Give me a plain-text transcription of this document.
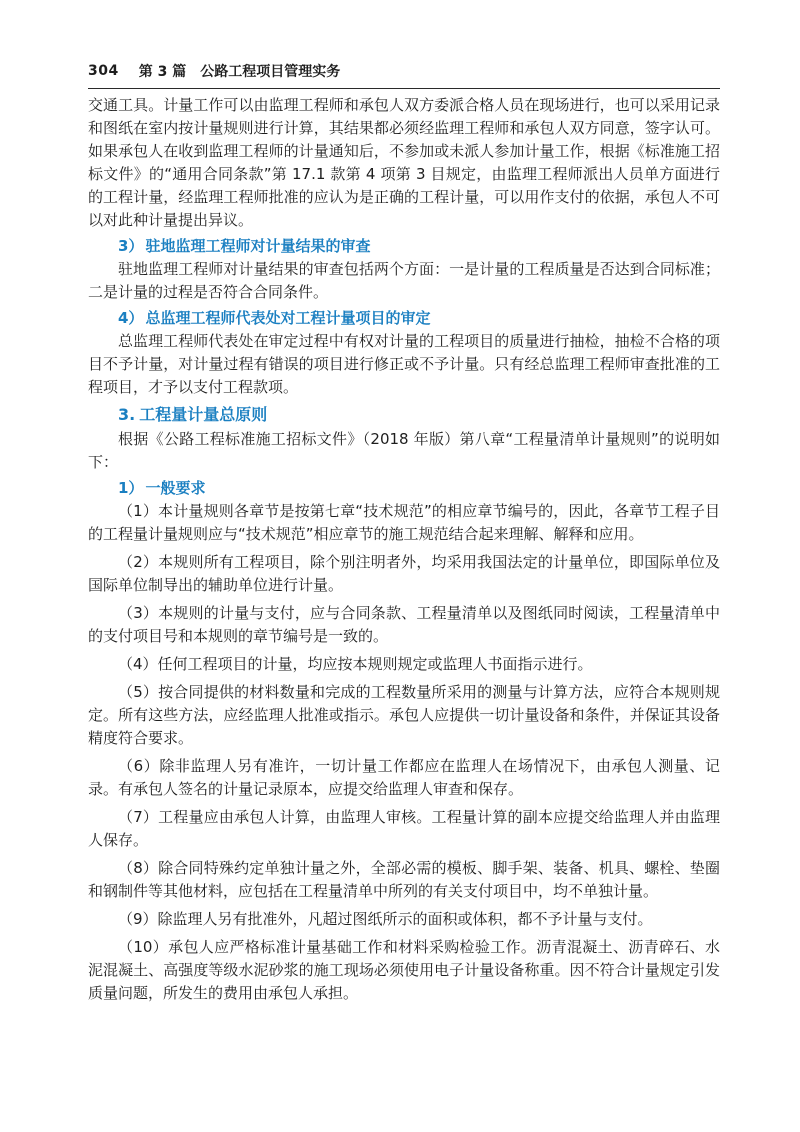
304 第 3 篇 公路工程项目管理实务

交通工具。计量工作可以由监理工程师和承包人双方委派合格人员在现场进行，也可以采用记录和图纸在室内按计量规则进行计算，其结果都必须经监理工程师和承包人双方同意，签字认可。如果承包人在收到监理工程师的计量通知后，不参加或未派人参加计量工作，根据《标准施工招标文件》的“通用合同条款”第 17.1 款第 4 项第 3 目规定，由监理工程师派出人员单方面进行的工程计量，经监理工程师批准的应认为是正确的工程计量，可以用作支付的依据，承包人不可以对此种计量提出异议。

3） 驻地监理工程师对计量结果的审查

驻地监理工程师对计量结果的审查包括两个方面：一是计量的工程质量是否达到合同标准；二是计量的过程是否符合合同条件。

4） 总监理工程师代表处对工程计量项目的审定

总监理工程师代表处在审定过程中有权对计量的工程项目的质量进行抽检，抽检不合格的项目不予计量，对计量过程有错误的项目进行修正或不予计量。只有经总监理工程师审查批准的工程项目，才予以支付工程款项。

3. 工程量计量总原则

根据《公路工程标准施工招标文件》（2018 年版）第八章“工程量清单计量规则”的说明如下：

1） 一般要求

（1）本计量规则各章节是按第七章“技术规范”的相应章节编号的，因此，各章节工程子目的工程量计量规则应与“技术规范”相应章节的施工规范结合起来理解、解释和应用。

（2）本规则所有工程项目，除个别注明者外，均采用我国法定的计量单位，即国际单位及国际单位制导出的辅助单位进行计量。

（3）本规则的计量与支付，应与合同条款、工程量清单以及图纸同时阅读，工程量清单中的支付项目号和本规则的章节编号是一致的。

（4）任何工程项目的计量，均应按本规则规定或监理人书面指示进行。

（5）按合同提供的材料数量和完成的工程数量所采用的测量与计算方法，应符合本规则规定。所有这些方法，应经监理人批准或指示。承包人应提供一切计量设备和条件，并保证其设备精度符合要求。

（6）除非监理人另有准许，一切计量工作都应在监理人在场情况下，由承包人测量、记录。有承包人签名的计量记录原本，应提交给监理人审查和保存。

（7）工程量应由承包人计算，由监理人审核。工程量计算的副本应提交给监理人并由监理人保存。

（8）除合同特殊约定单独计量之外，全部必需的模板、脚手架、装备、机具、螺栓、垫圈和钢制件等其他材料，应包括在工程量清单中所列的有关支付项目中，均不单独计量。

（9）除监理人另有批准外，凡超过图纸所示的面积或体积，都不予计量与支付。

（10）承包人应严格标准计量基础工作和材料采购检验工作。沥青混凝土、沥青碎石、水泥混凝土、高强度等级水泥砂浆的施工现场必须使用电子计量设备称重。因不符合计量规定引发质量问题，所发生的费用由承包人承担。
